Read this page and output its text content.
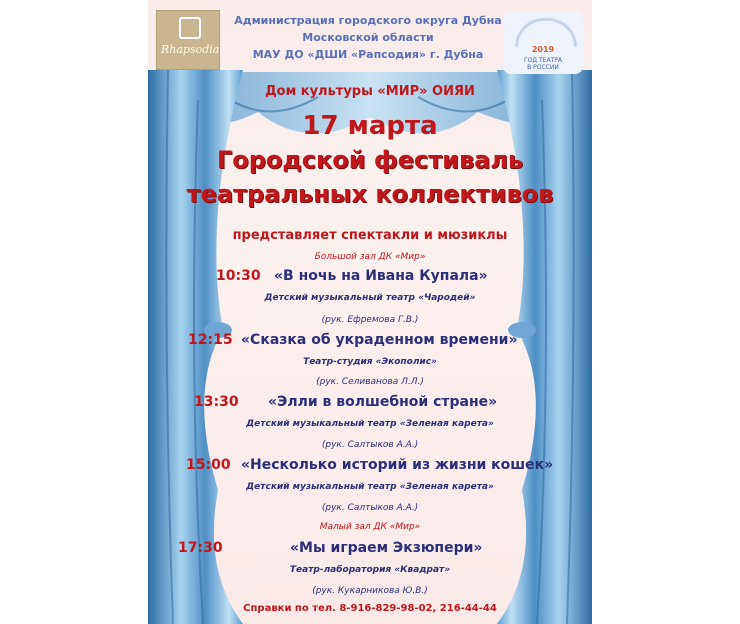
Rhapsodia	2019
ГОД ТЕАТРА
В РОССИИ
Администрация городского округа Дубна
Московской области
МАУ ДО «ДШИ «Рапсодия» г. Дубна
Дом культуры «МИР» ОИЯИ
17 марта
Городской фестиваль
театральных коллективов
представляет спектакли и мюзиклы
Большой зал ДК «Мир»
10:30 «В ночь на Ивана Купала»
Детский музыкальный театр «Чародей»
(рук. Ефремова Г.В.)
12:15 «Сказка об украденном времени»
Театр-студия «Экополис»
(рук. Селиванова Л.Л.)
13:30 «Элли в волшебной стране»
Детский музыкальный театр «Зеленая карета»
(рук. Салтыков А.А.)
15:00 «Несколько историй из жизни кошек»
Детский музыкальный театр «Зеленая карета»
(рук. Салтыков А.А.)
Малый зал ДК «Мир»
17:30	«Мы играем Экзюпери»
Театр-лаборатория «Квадрат»
(рук. Кукарникова Ю.В.)
Справки по тел. 8-916-829-98-02, 216-44-44
